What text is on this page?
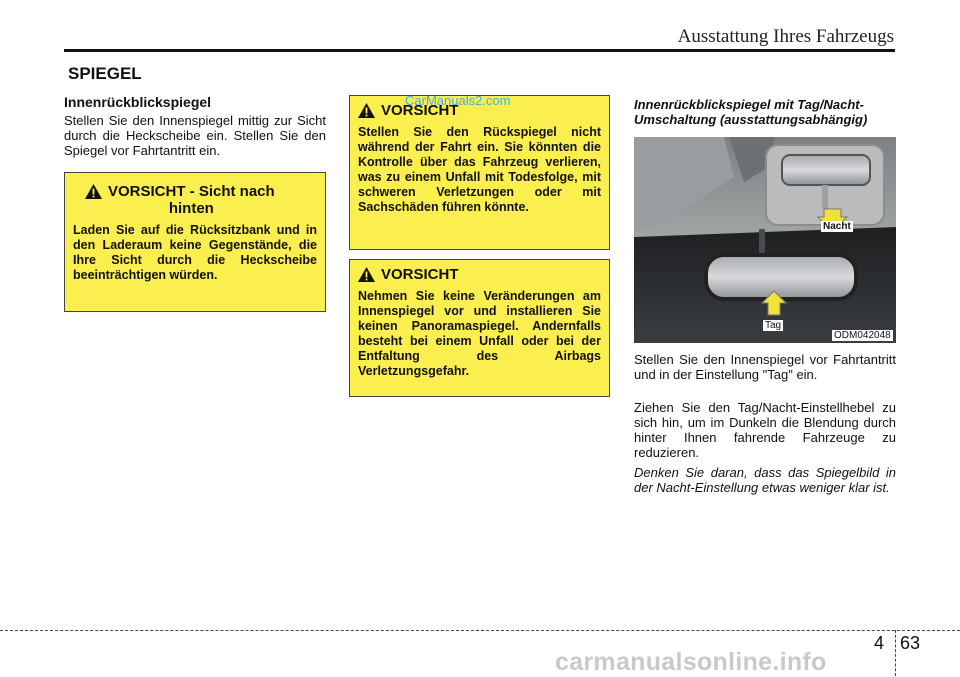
Ausstattung Ihres Fahrzeugs
SPIEGEL
Innenrückblickspiegel
Stellen Sie den Innenspiegel mittig zur Sicht durch die Heckscheibe ein. Stellen Sie den Spiegel vor Fahrtantritt ein.
VORSICHT - Sicht nach
hinten
Laden Sie auf die Rücksitzbank und in den Laderaum keine Gegenstände, die Ihre Sicht durch die Heckscheibe beeinträchtigen würden.
VORSICHT
Stellen Sie den Rückspiegel nicht während der Fahrt ein. Sie könnten die Kontrolle über das Fahrzeug verlieren, was zu einem Unfall mit Todesfolge, mit schweren Verletzungen oder mit Sachschäden führen könnte.
CarManuals2.com
VORSICHT
Nehmen Sie keine Veränderungen am Innenspiegel vor und installieren Sie keinen Panoramaspiegel. Andernfalls besteht bei einem Unfall oder bei der Entfaltung des Airbags Verletzungsgefahr.
Innenrückblickspiegel mit Tag/Nacht-Umschaltung (ausstattungsabhängig)
Nacht
Tag
ODM042048
Stellen Sie den Innenspiegel vor Fahrtantritt und in der Einstellung "Tag" ein.
Ziehen Sie den Tag/Nacht-Einstellhebel zu sich hin, um im Dunkeln die Blendung durch hinter Ihnen fahrende Fahrzeuge zu reduzieren.
Denken Sie daran, dass das Spiegelbild in der Nacht-Einstellung etwas weniger klar ist.
4 63
carmanualsonline.info
